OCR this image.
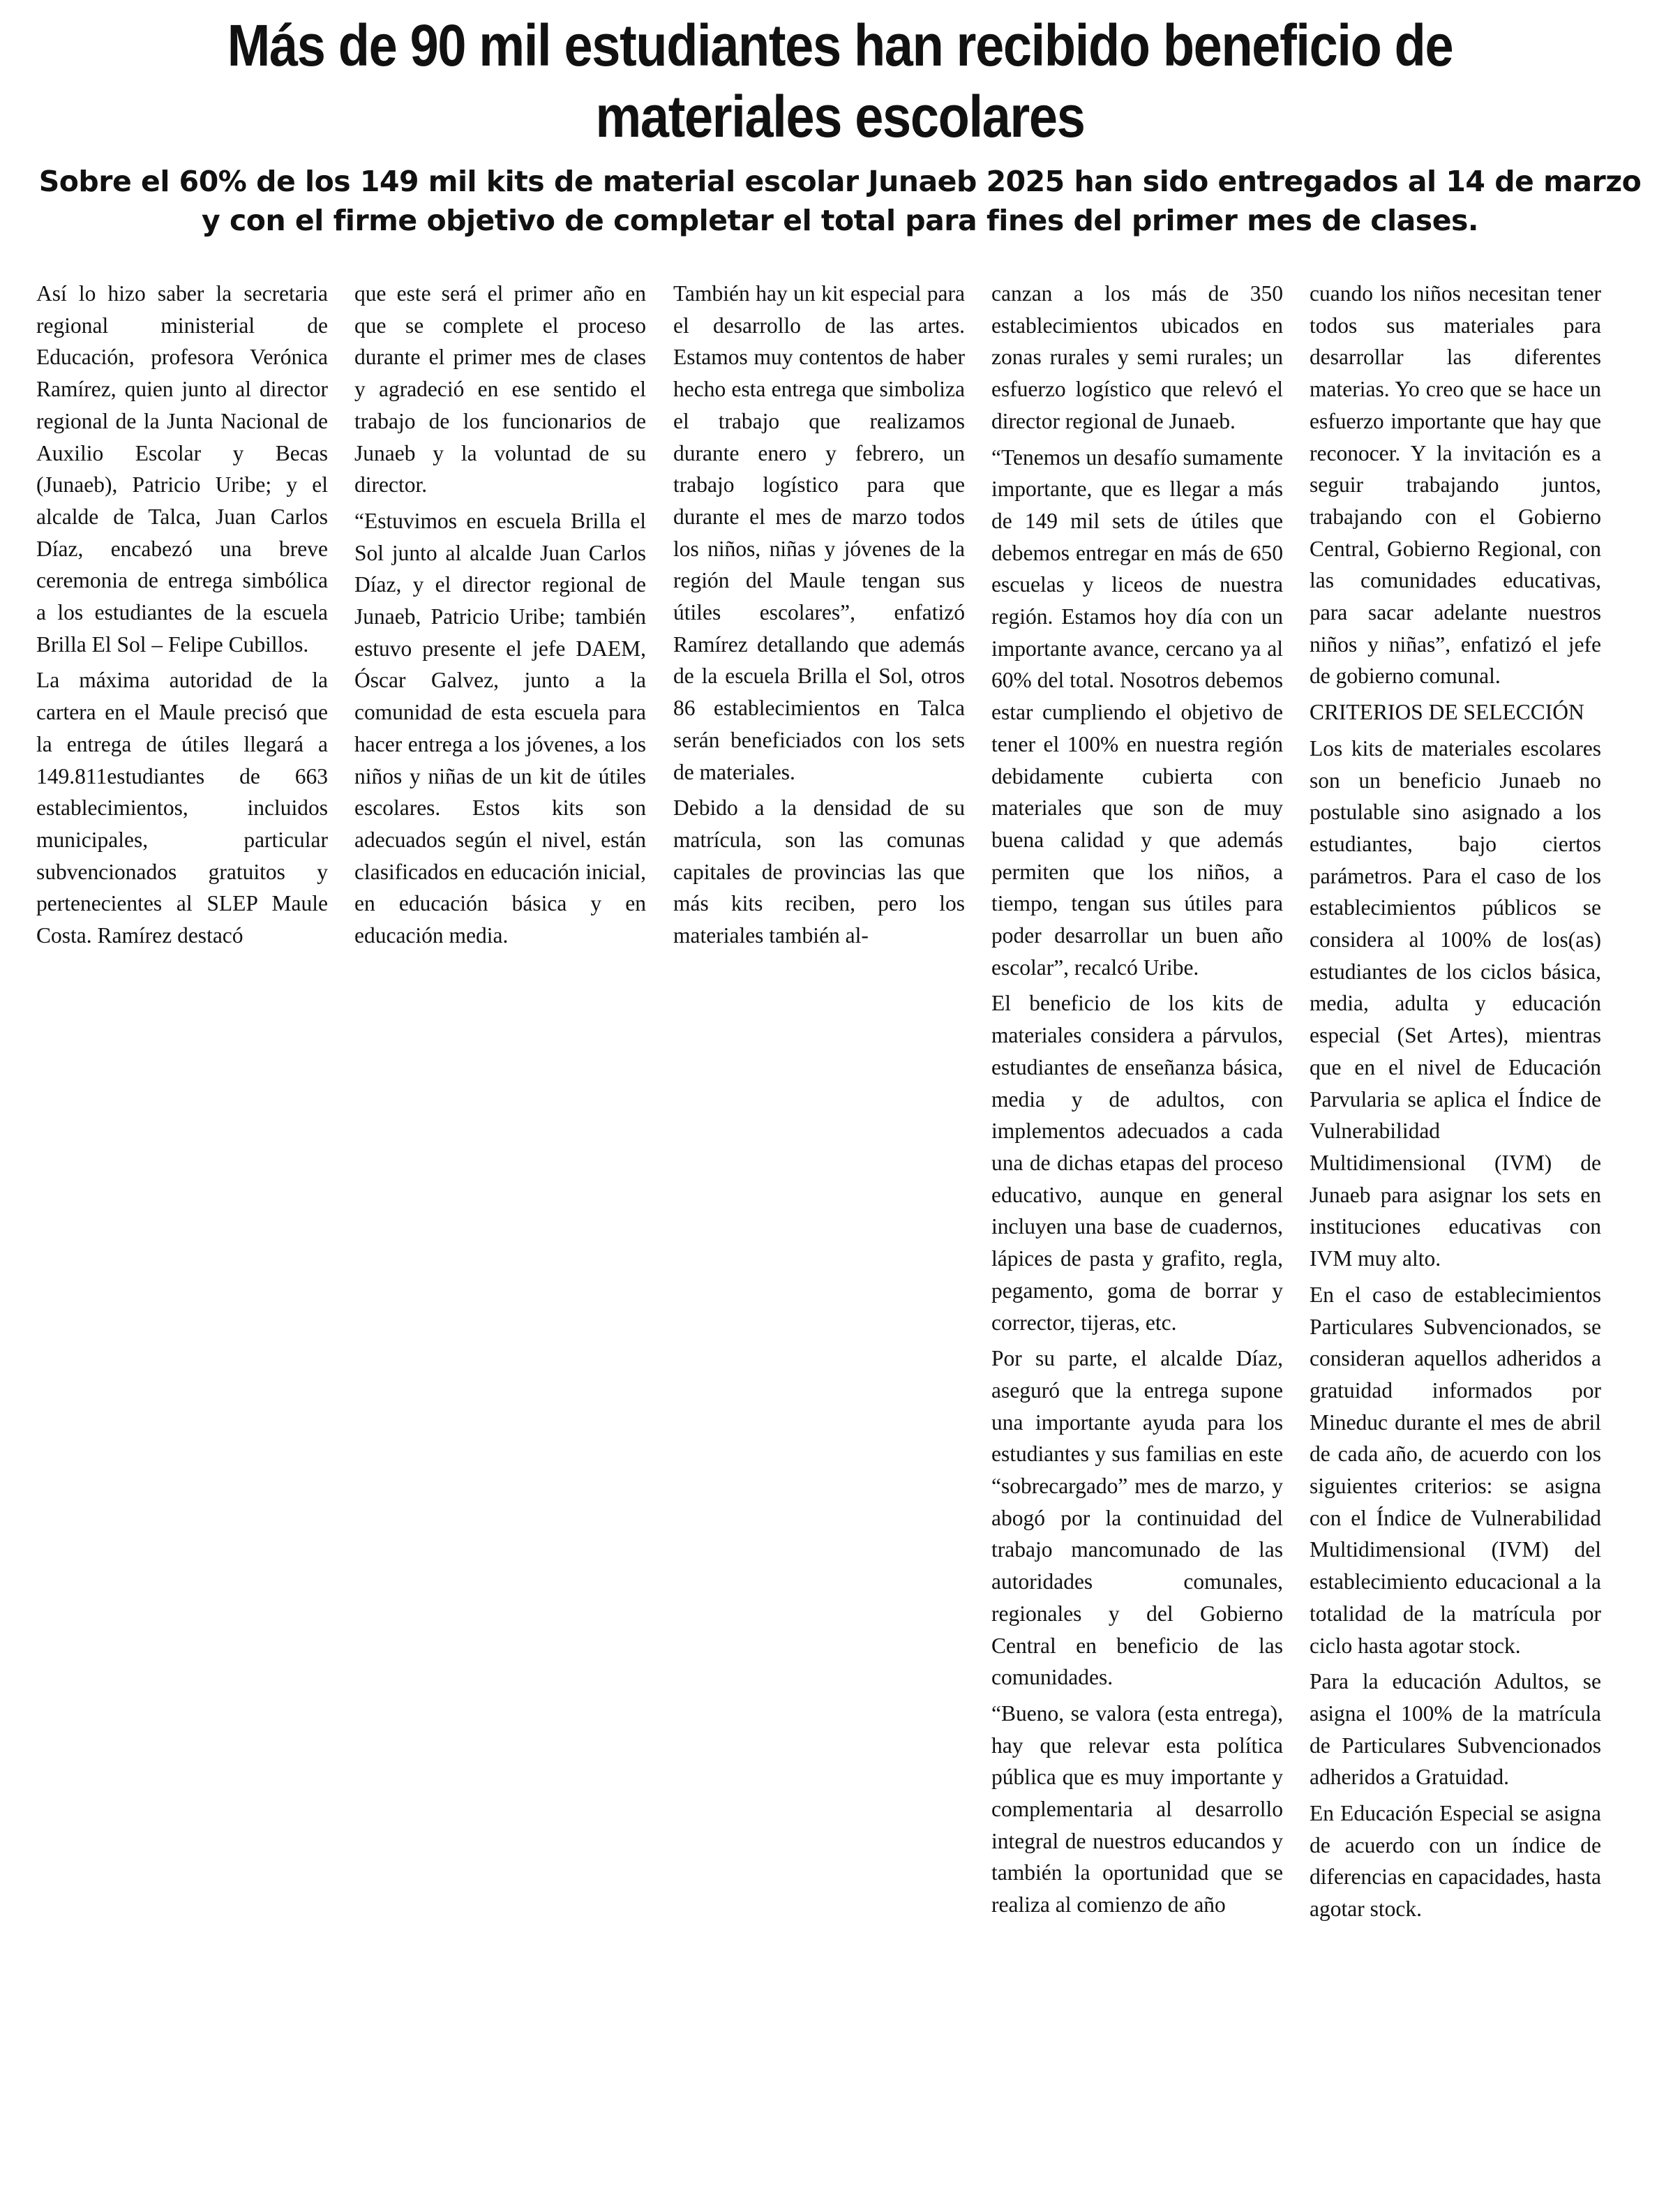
Más de 90 mil estudiantes han recibido beneficio de materiales escolares
Sobre el 60% de los 149 mil kits de material escolar Junaeb 2025 han sido entregados al 14 de marzo y con el firme objetivo de completar el total para fines del primer mes de clases.

Así lo hizo saber la secretaria regional ministerial de Educación, profesora Verónica Ramírez, quien junto al director regional de la Junta Nacional de Auxilio Escolar y Becas (Junaeb), Patricio Uribe; y el alcalde de Talca, Juan Carlos Díaz, encabezó una breve ceremonia de entrega simbólica a los estudiantes de la escuela Brilla El Sol – Felipe Cubillos.

La máxima autoridad de la cartera en el Maule precisó que la entrega de útiles llegará a 149.811estudiantes de 663 establecimientos, incluidos municipales, particular subvencionados gratuitos y pertenecientes al SLEP Maule Costa. Ramírez destacó

que este será el primer año en que se complete el proceso durante el primer mes de clases y agradeció en ese sentido el trabajo de los funcionarios de Junaeb y la voluntad de su director.

“Estuvimos en escuela Brilla el Sol junto al alcalde Juan Carlos Díaz, y el director regional de Junaeb, Patricio Uribe; también estuvo presente el jefe DAEM, Óscar Galvez, junto a la comunidad de esta escuela para hacer entrega a los jóvenes, a los niños y niñas de un kit de útiles escolares. Estos kits son adecuados según el nivel, están clasificados en educación inicial, en educación básica y en educación media.

También hay un kit especial para el desarrollo de las artes. Estamos muy contentos de haber hecho esta entrega que simboliza el trabajo que realizamos durante enero y febrero, un trabajo logístico para que durante el mes de marzo todos los niños, niñas y jóvenes de la región del Maule tengan sus útiles escolares”, enfatizó Ramírez detallando que además de la escuela Brilla el Sol, otros 86 establecimientos en Talca serán beneficiados con los sets de materiales.

Debido a la densidad de su matrícula, son las comunas capitales de provincias las que más kits reciben, pero los materiales también al-

canzan a los más de 350 establecimientos ubicados en zonas rurales y semi rurales; un esfuerzo logístico que relevó el director regional de Junaeb.

“Tenemos un desafío sumamente importante, que es llegar a más de 149 mil sets de útiles que debemos entregar en más de 650 escuelas y liceos de nuestra región. Estamos hoy día con un importante avance, cercano ya al 60% del total. Nosotros debemos estar cumpliendo el objetivo de tener el 100% en nuestra región debidamente cubierta con materiales que son de muy buena calidad y que además permiten que los niños, a tiempo, tengan sus útiles para poder desarrollar un buen año escolar”, recalcó Uribe.

El beneficio de los kits de materiales considera a párvulos, estudiantes de enseñanza básica, media y de adultos, con implementos adecuados a cada una de dichas etapas del proceso educativo, aunque en general incluyen una base de cuadernos, lápices de pasta y grafito, regla, pegamento, goma de borrar y corrector, tijeras, etc.

Por su parte, el alcalde Díaz, aseguró que la entrega supone una importante ayuda para los estudiantes y sus familias en este “sobrecargado” mes de marzo, y abogó por la continuidad del trabajo mancomunado de las autoridades comunales, regionales y del Gobierno Central en beneficio de las comunidades.

“Bueno, se valora (esta entrega), hay que relevar esta política pública que es muy importante y complementaria al desarrollo integral de nuestros educandos y también la oportunidad que se realiza al comienzo de año

cuando los niños necesitan tener todos sus materiales para desarrollar las diferentes materias. Yo creo que se hace un esfuerzo importante que hay que reconocer. Y la invitación es a seguir trabajando juntos, trabajando con el Gobierno Central, Gobierno Regional, con las comunidades educativas, para sacar adelante nuestros niños y niñas”, enfatizó el jefe de gobierno comunal.

CRITERIOS DE SELECCIÓN

Los kits de materiales escolares son un beneficio Junaeb no postulable sino asignado a los estudiantes, bajo ciertos parámetros. Para el caso de los establecimientos públicos se considera al 100% de los(as) estudiantes de los ciclos básica, media, adulta y educación especial (Set Artes), mientras que en el nivel de Educación Parvularia se aplica el Índice de Vulnerabilidad Multidimensional (IVM) de Junaeb para asignar los sets en instituciones educativas con IVM muy alto.

En el caso de establecimientos Particulares Subvencionados, se consideran aquellos adheridos a gratuidad informados por Mineduc durante el mes de abril de cada año, de acuerdo con los siguientes criterios: se asigna con el Índice de Vulnerabilidad Multidimensional (IVM) del establecimiento educacional a la totalidad de la matrícula por ciclo hasta agotar stock.

Para la educación Adultos, se asigna el 100% de la matrícula de Particulares Subvencionados adheridos a Gratuidad.

En Educación Especial se asigna de acuerdo con un índice de diferencias en capacidades, hasta agotar stock.
